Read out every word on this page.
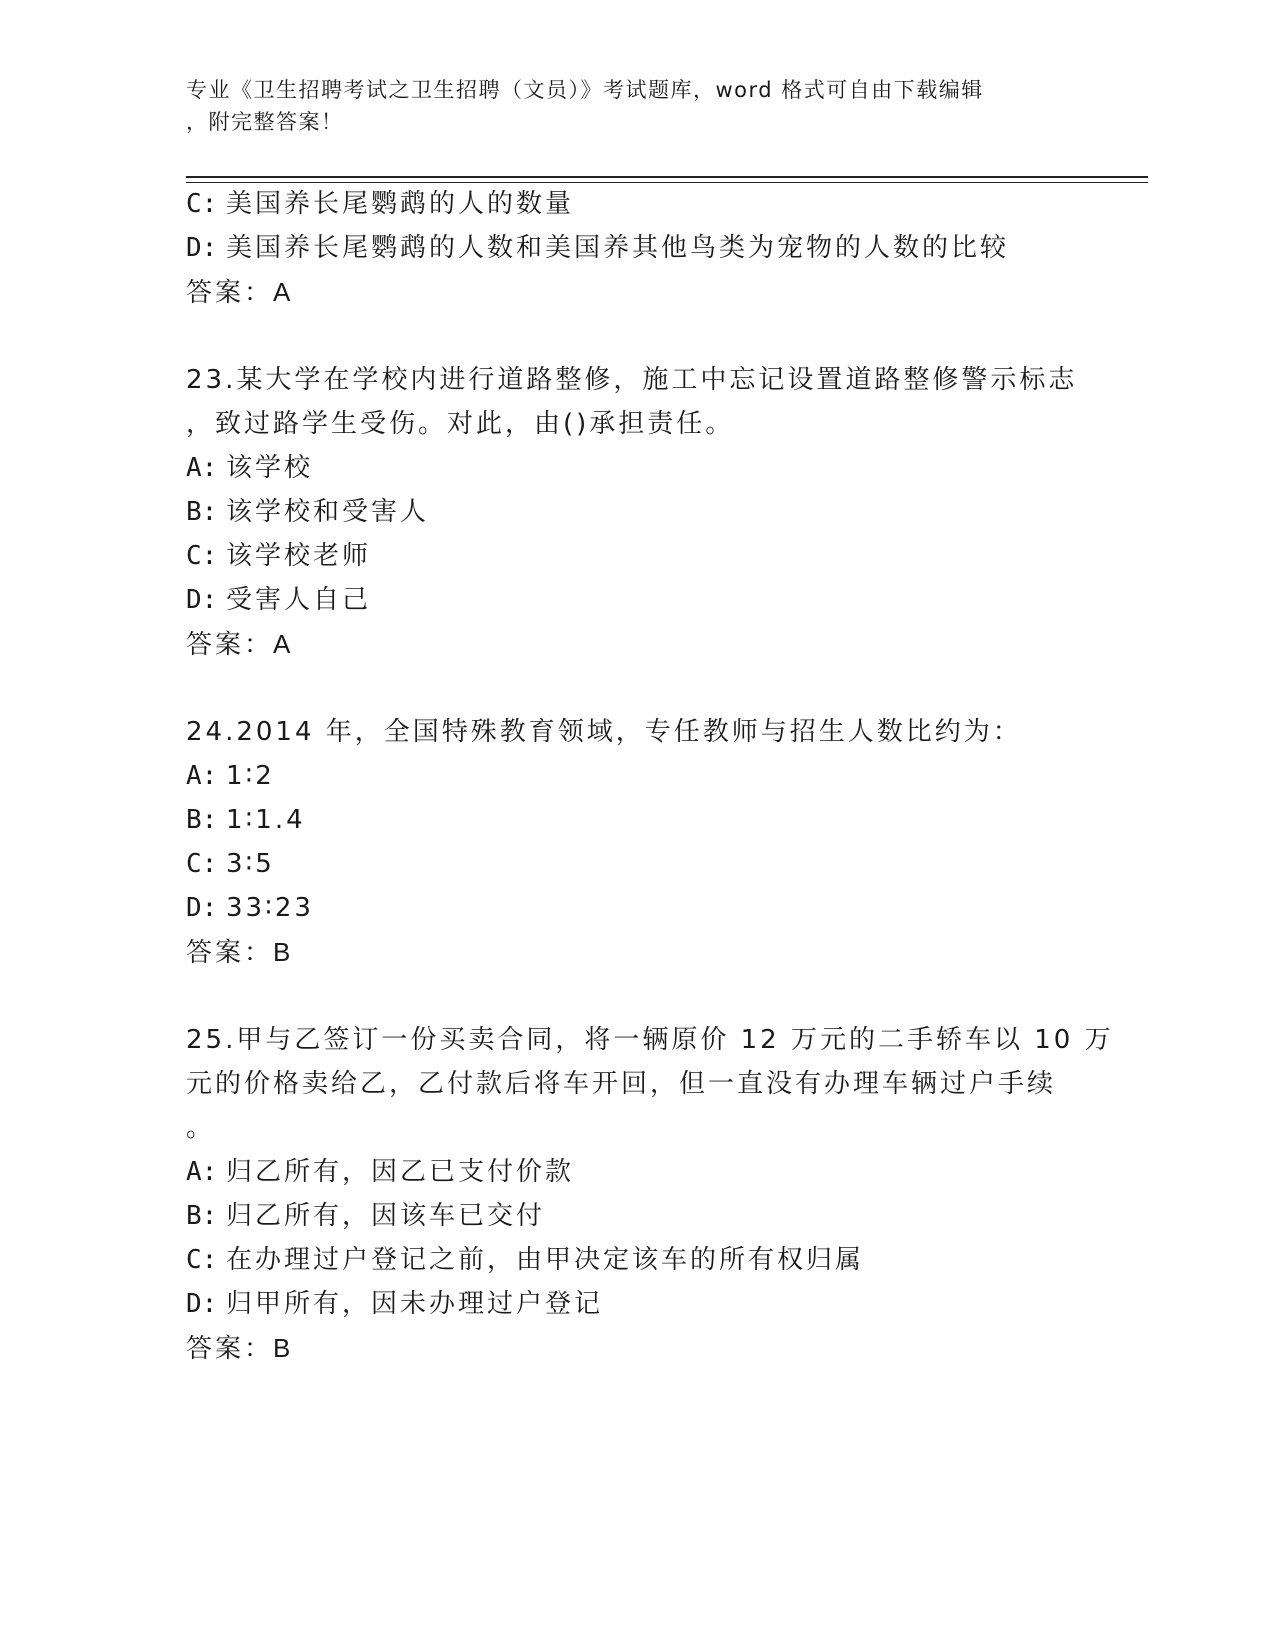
专业《卫生招聘考试之卫生招聘（文员）》考试题库，word 格式可自由下载编辑
，附完整答案！
C: 美国养长尾鹦鹉的人的数量
D: 美国养长尾鹦鹉的人数和美国养其他鸟类为宠物的人数的比较
答案：A
23.某大学在学校内进行道路整修，施工中忘记设置道路整修警示标志
，致过路学生受伤。对此，由()承担责任。
A: 该学校
B: 该学校和受害人
C: 该学校老师
D: 受害人自己
答案：A
24.2014 年，全国特殊教育领域，专任教师与招生人数比约为：
A: 1∶2
B: 1∶1.4
C: 3∶5
D: 33∶23
答案：B
25.甲与乙签订一份买卖合同，将一辆原价 12 万元的二手轿车以 10 万
元的价格卖给乙，乙付款后将车开回，但一直没有办理车辆过户手续
。
A: 归乙所有，因乙已支付价款
B: 归乙所有，因该车已交付
C: 在办理过户登记之前，由甲决定该车的所有权归属
D: 归甲所有，因未办理过户登记
答案：B
